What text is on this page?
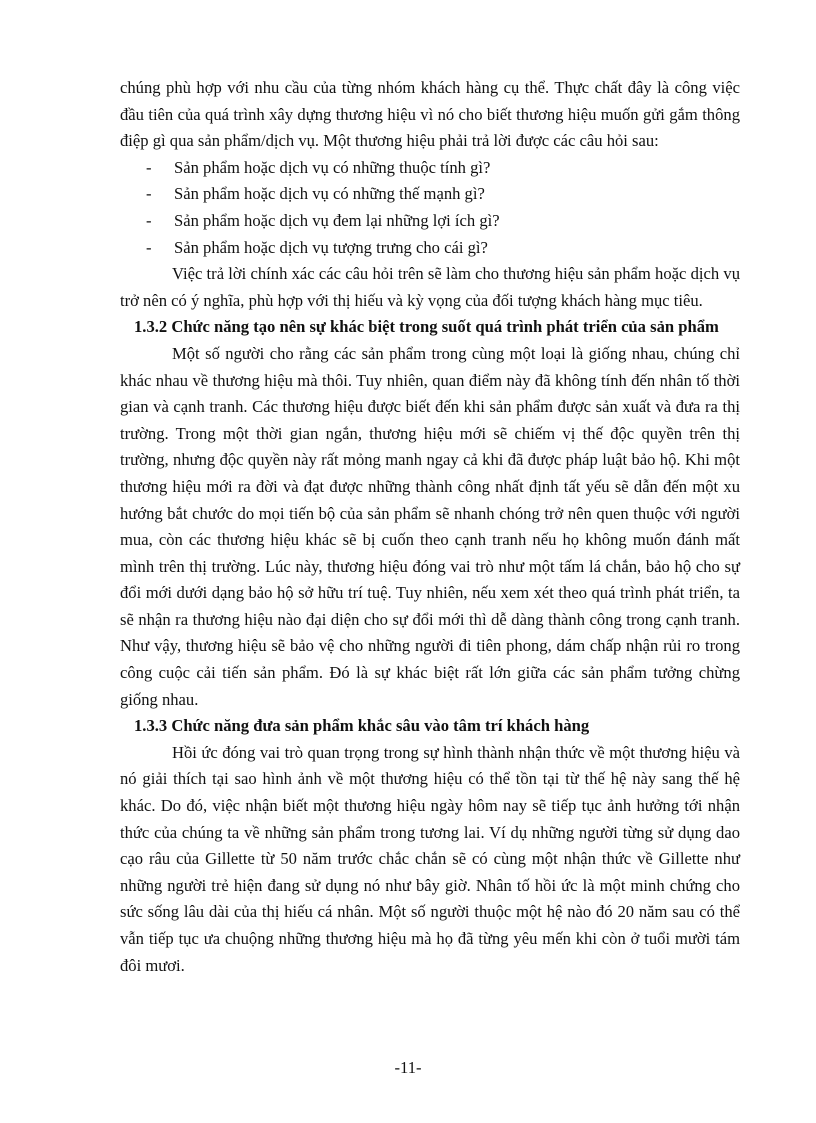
chúng phù hợp với nhu cầu của từng nhóm khách hàng cụ thể. Thực chất đây là công việc đầu tiên của quá trình xây dựng thương hiệu vì nó cho biết thương hiệu muốn gửi gắm thông điệp gì qua sản phẩm/dịch vụ. Một thương hiệu phải trả lời được các câu hỏi sau:

- Sản phẩm hoặc dịch vụ có những thuộc tính gì?
- Sản phẩm hoặc dịch vụ có những thế mạnh gì?
- Sản phẩm hoặc dịch vụ đem lại những lợi ích gì?
- Sản phẩm hoặc dịch vụ tượng trưng cho cái gì?

Việc trả lời chính xác các câu hỏi trên sẽ làm cho thương hiệu sản phẩm hoặc dịch vụ trở nên có ý nghĩa, phù hợp với thị hiếu và kỳ vọng của đối tượng khách hàng mục tiêu.

1.3.2 Chức năng tạo nên sự khác biệt trong suốt quá trình phát triển của sản phẩm

Một số người cho rằng các sản phẩm trong cùng một loại là giống nhau, chúng chỉ khác nhau về thương hiệu mà thôi. Tuy nhiên, quan điểm này đã không tính đến nhân tố thời gian và cạnh tranh. Các thương hiệu được biết đến khi sản phẩm được sản xuất và đưa ra thị trường. Trong một thời gian ngắn, thương hiệu mới sẽ chiếm vị thế độc quyền trên thị trường, nhưng độc quyền này rất mỏng manh ngay cả khi đã được pháp luật bảo hộ. Khi một thương hiệu mới ra đời và đạt được những thành công nhất định tất yếu sẽ dẫn đến một xu hướng bắt chước do mọi tiến bộ của sản phẩm sẽ nhanh chóng trở nên quen thuộc với người mua, còn các thương hiệu khác sẽ bị cuốn theo cạnh tranh nếu họ không muốn đánh mất mình trên thị trường. Lúc này, thương hiệu đóng vai trò như một tấm lá chắn, bảo hộ cho sự đổi mới dưới dạng bảo hộ sở hữu trí tuệ. Tuy nhiên, nếu xem xét theo quá trình phát triển, ta sẽ nhận ra thương hiệu nào đại diện cho sự đổi mới thì dễ dàng thành công trong cạnh tranh. Như vậy, thương hiệu sẽ bảo vệ cho những người đi tiên phong, dám chấp nhận rủi ro trong công cuộc cải tiến sản phẩm. Đó là sự khác biệt rất lớn giữa các sản phẩm tưởng chừng giống nhau.

1.3.3 Chức năng đưa sản phẩm khắc sâu vào tâm trí khách hàng

Hồi ức đóng vai trò quan trọng trong sự hình thành nhận thức về một thương hiệu và nó giải thích tại sao hình ảnh về một thương hiệu có thể tồn tại từ thế hệ này sang thế hệ khác. Do đó, việc nhận biết một thương hiệu ngày hôm nay sẽ tiếp tục ảnh hưởng tới nhận thức của chúng ta về những sản phẩm trong tương lai. Ví dụ những người từng sử dụng dao cạo râu của Gillette từ 50 năm trước chắc chắn sẽ có cùng một nhận thức về Gillette như những người trẻ hiện đang sử dụng nó như bây giờ. Nhân tố hồi ức là một minh chứng cho sức sống lâu dài của thị hiếu cá nhân. Một số người thuộc một hệ nào đó 20 năm sau có thể vẫn tiếp tục ưa chuộng những thương hiệu mà họ đã từng yêu mến khi còn ở tuổi mười tám đôi mươi.

-11-
